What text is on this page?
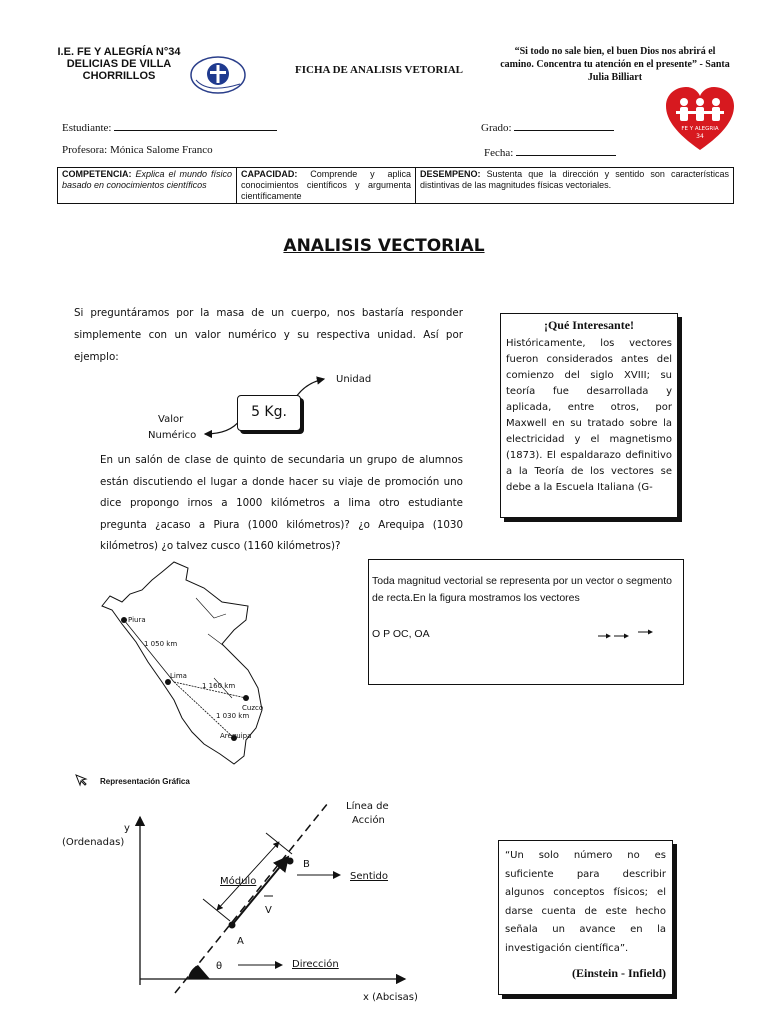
I.E. FE Y ALEGRÍA N°34
DELICIAS DE VILLA
CHORRILLOS	FICHA DE ANALISIS VETORIAL
“Si todo no sale bien, el buen Dios nos abrirá el camino. Concentra tu atención en el presente” - Santa Julia Billiart
FE Y ALEGRIA
34
Estudiante:	Grado:
Profesora: Mónica Salome Franco	Fecha:
COMPETENCIA: Explica el mundo físico basado en conocimientos científicos	CAPACIDAD: Comprende y aplica conocimientos científicos y argumenta científicamente	DESEMPENO: Sustenta que la dirección y sentido son características distintivas de las magnitudes físicas vectoriales.
ANALISIS VECTORIAL
Si preguntáramos por la masa de un cuerpo, nos bastaría responder simplemente con un valor numérico y su respectiva unidad. Así por ejemplo:
5 Kg.
Unidad
Valor
Numérico
¡Qué Interesante!
Históricamente, los vectores fueron considerados antes del comienzo del siglo XVIII; su teoría fue desarrollada y aplicada, entre otros, por Maxwell en su tratado sobre la electricidad y el magnetismo (1873). El espaldarazo definitivo a la Teoría de los vectores se debe a la Escuela Italiana (G-
En un salón de clase de quinto de secundaria un grupo de alumnos están discutiendo el lugar a donde hacer su viaje de promoción uno dice propongo irnos a 1000 kilómetros a lima otro estudiante pregunta ¿acaso a Piura (1000 kilómetros)? ¿o Arequipa (1030 kilómetros) ¿o talvez cusco (1160 kilómetros)?
Piura
Lima
Cuzco
Arequipa
1 050 km
1 160 km
1 030 km
Toda magnitud vectorial se representa por un vector o segmento de recta.En la figura mostramos los vectores
O P OC, OA
Representación Gráfica
Línea de
Acción
y
(Ordenadas)
Módulo
B
A
V
Sentido
θ	Dirección
x (Abcisas)
“Un solo número no es suficiente para describir algunos conceptos físicos; el darse cuenta de este hecho señala un avance en la investigación científica”.
(Einstein - Infield)
